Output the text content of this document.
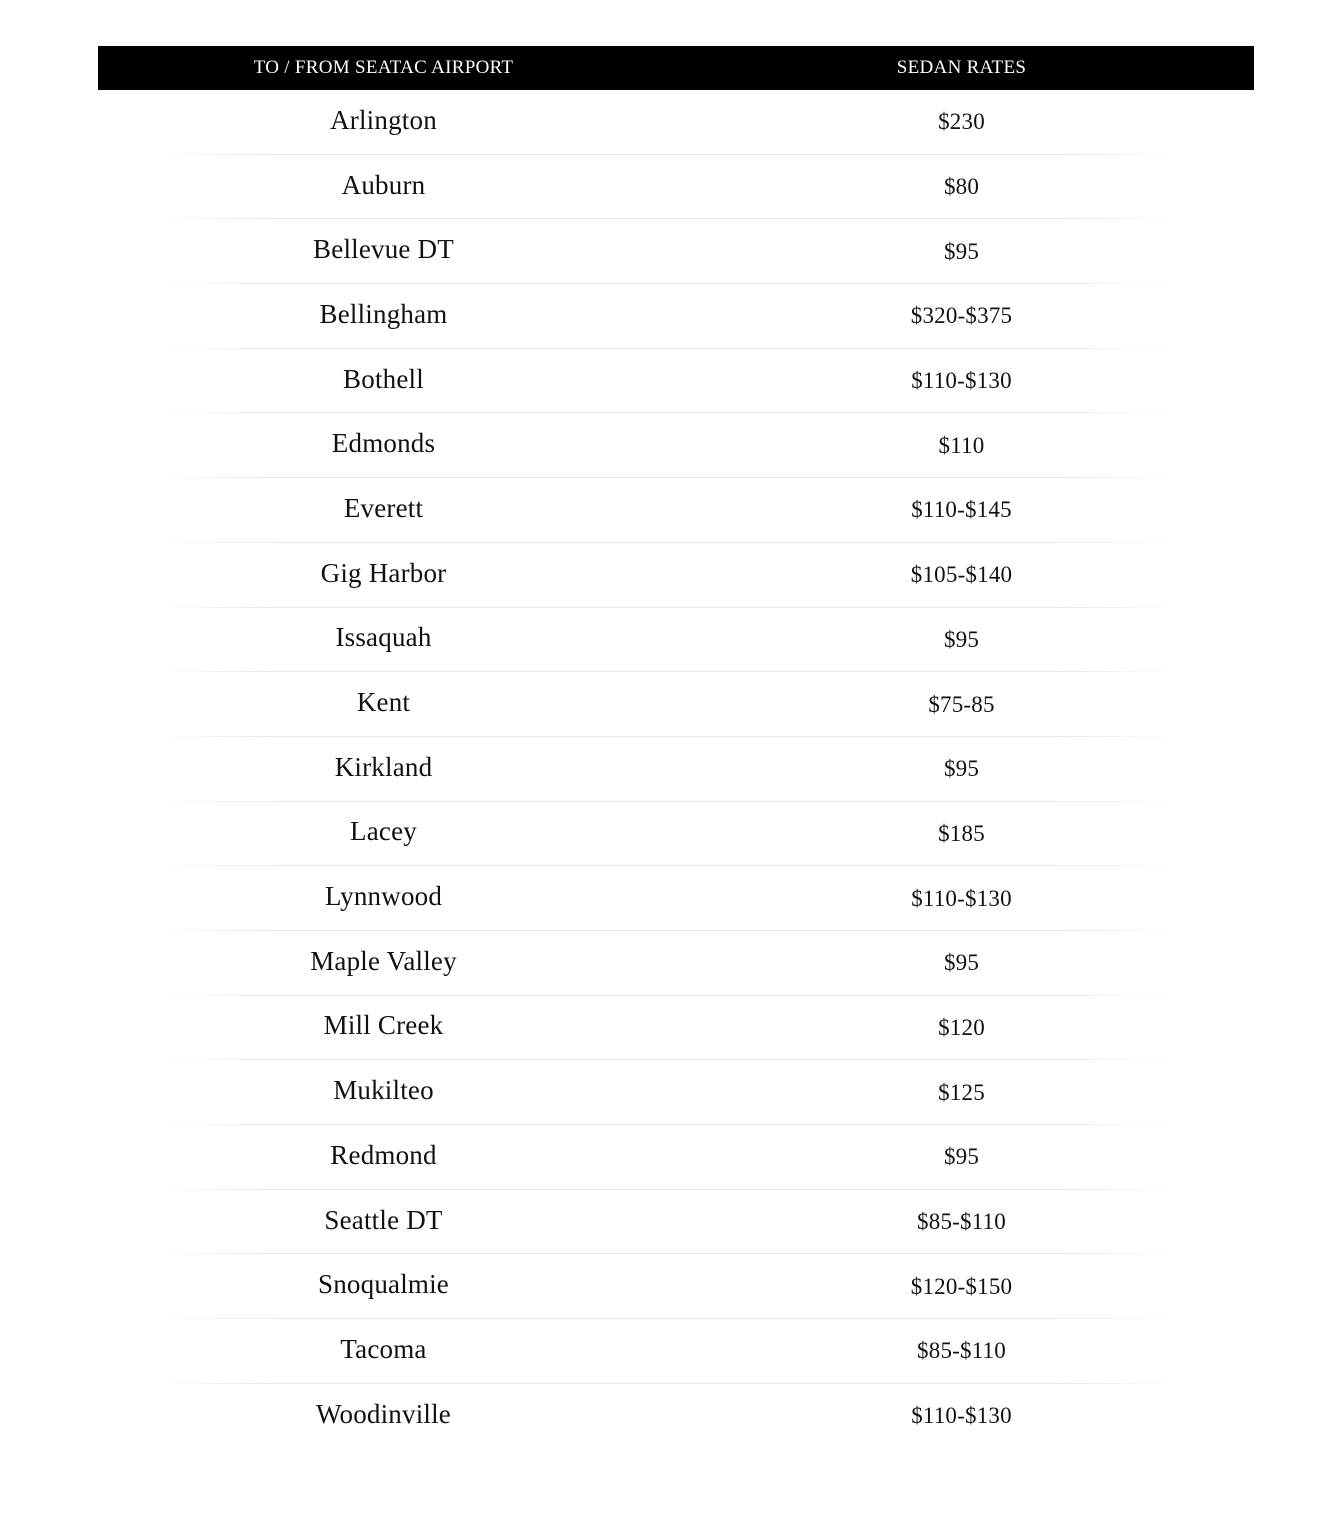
TO / FROM SEATAC AIRPORT	SEDAN RATES
Arlington	$230
Auburn	$80
Bellevue DT	$95
Bellingham	$320-$375
Bothell	$110-$130
Edmonds	$110
Everett	$110-$145
Gig Harbor	$105-$140
Issaquah	$95
Kent	$75-85
Kirkland	$95
Lacey	$185
Lynnwood	$110-$130
Maple Valley	$95
Mill Creek	$120
Mukilteo	$125
Redmond	$95
Seattle DT	$85-$110
Snoqualmie	$120-$150
Tacoma	$85-$110
Woodinville	$110-$130
